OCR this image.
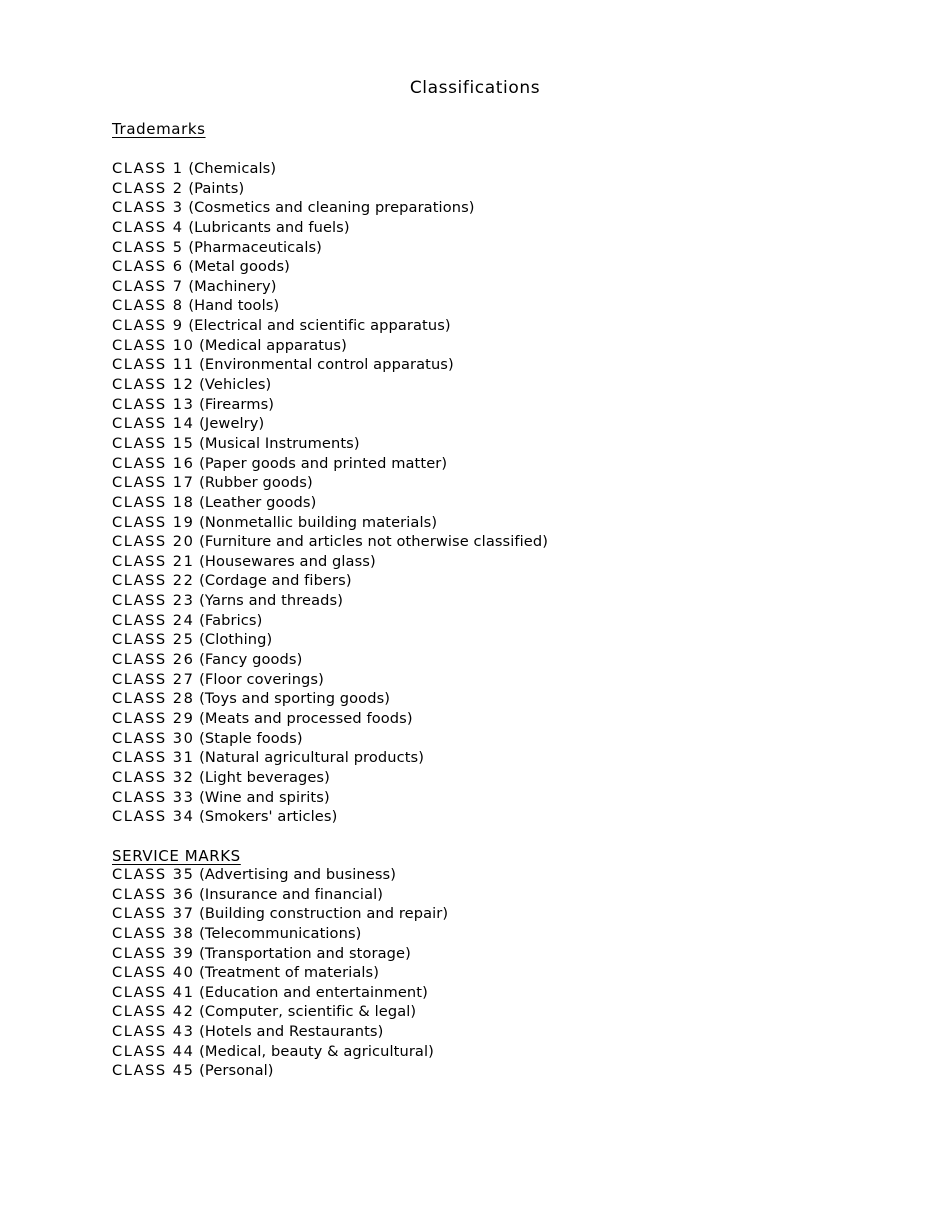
Classifications
Trademarks
CLASS 1 (Chemicals)
CLASS 2 (Paints)
CLASS 3 (Cosmetics and cleaning preparations)
CLASS 4 (Lubricants and fuels)
CLASS 5 (Pharmaceuticals)
CLASS 6 (Metal goods)
CLASS 7 (Machinery)
CLASS 8 (Hand tools)
CLASS 9 (Electrical and scientific apparatus)
CLASS 10 (Medical apparatus)
CLASS 11 (Environmental control apparatus)
CLASS 12 (Vehicles)
CLASS 13 (Firearms)
CLASS 14 (Jewelry)
CLASS 15 (Musical Instruments)
CLASS 16 (Paper goods and printed matter)
CLASS 17 (Rubber goods)
CLASS 18 (Leather goods)
CLASS 19 (Nonmetallic building materials)
CLASS 20 (Furniture and articles not otherwise classified)
CLASS 21 (Housewares and glass)
CLASS 22 (Cordage and fibers)
CLASS 23 (Yarns and threads)
CLASS 24 (Fabrics)
CLASS 25 (Clothing)
CLASS 26 (Fancy goods)
CLASS 27 (Floor coverings)
CLASS 28 (Toys and sporting goods)
CLASS 29 (Meats and processed foods)
CLASS 30 (Staple foods)
CLASS 31 (Natural agricultural products)
CLASS 32 (Light beverages)
CLASS 33 (Wine and spirits)
CLASS 34 (Smokers' articles)
SERVICE MARKS
CLASS 35 (Advertising and business)
CLASS 36 (Insurance and financial)
CLASS 37 (Building construction and repair)
CLASS 38 (Telecommunications)
CLASS 39 (Transportation and storage)
CLASS 40 (Treatment of materials)
CLASS 41 (Education and entertainment)
CLASS 42 (Computer, scientific & legal)
CLASS 43 (Hotels and Restaurants)
CLASS 44 (Medical, beauty & agricultural)
CLASS 45 (Personal)
